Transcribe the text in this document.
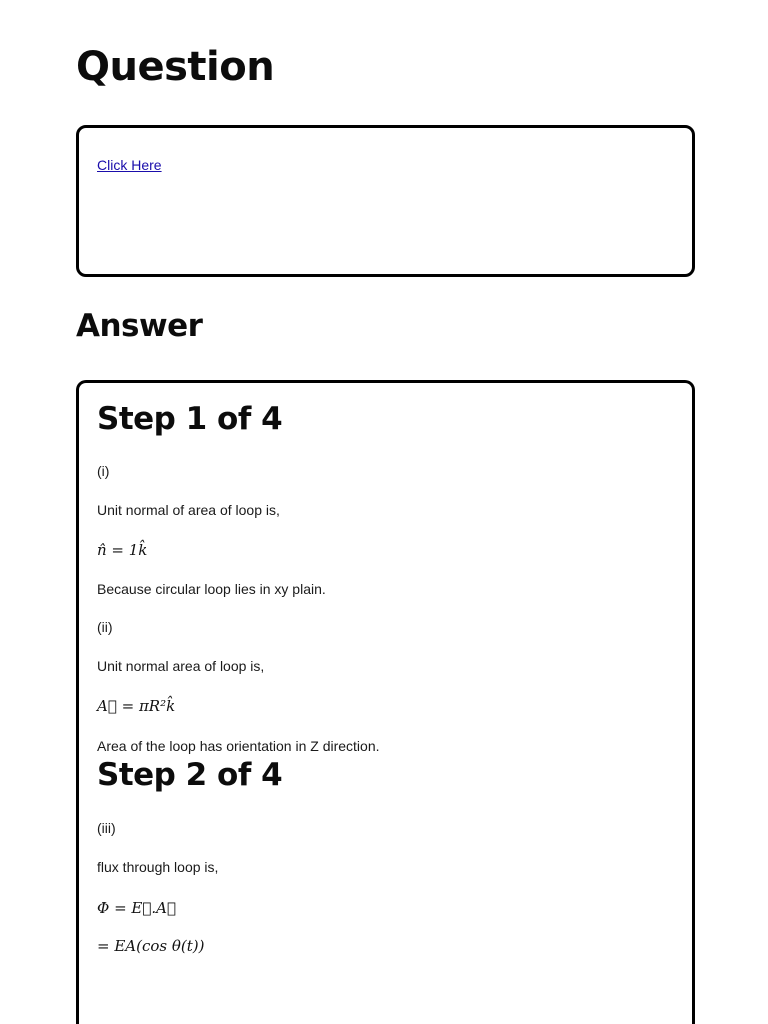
Question
Click Here
Answer
Step 1 of 4
(i)
Unit normal of area of loop is,
n̂ = 1k̂
Because circular loop lies in xy plain.
(ii)
Unit normal area of loop is,
A⃗ = πR²k̂
Area of the loop has orientation in Z direction.
Step 2 of 4
(iii)
flux through loop is,
Φ = E⃗.A⃗
= EA(cos θ(t))
